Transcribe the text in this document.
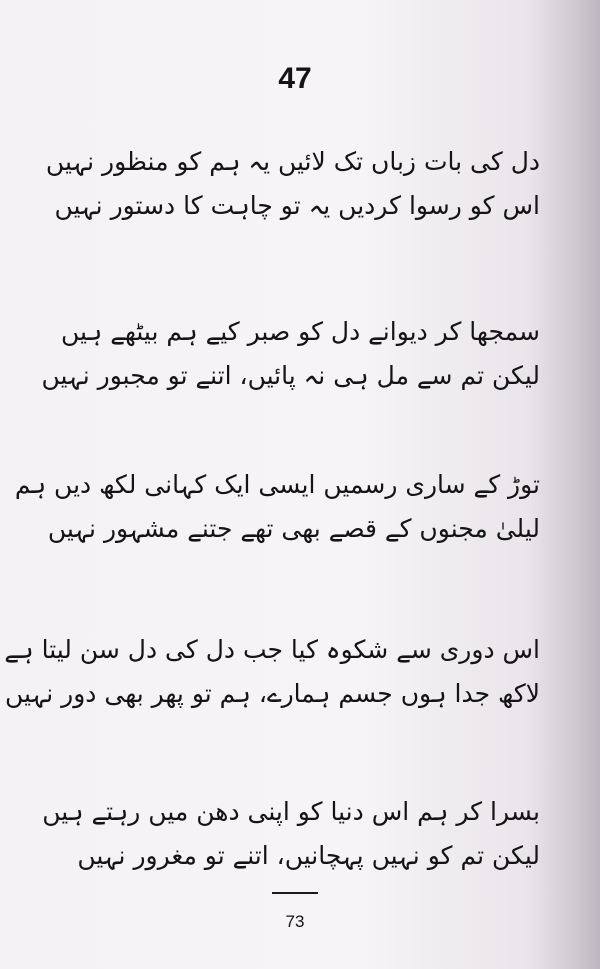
47
دل کی بات زباں تک لائیں یہ ہم کو منظور نہیں
اس کو رسوا کردیں یہ تو چاہت کا دستور نہیں
سمجھا کر دیوانے دل کو صبر کیے ہم بیٹھے ہیں
لیکن تم سے مل ہی نہ پائیں، اتنے تو مجبور نہیں
توڑ کے ساری رسمیں ایسی ایک کہانی لکھ دیں ہم
لیلیٰ مجنوں کے قصے بھی تھے جتنے مشہور نہیں
اس دوری سے شکوہ کیا جب دل کی دل سن لیتا ہے
لاکھ جدا ہوں جسم ہمارے، ہم تو پھر بھی دور نہیں
بسرا کر ہم اس دنیا کو اپنی دھن میں رہتے ہیں
لیکن تم کو نہیں پہچانیں، اتنے تو مغرور نہیں
73
